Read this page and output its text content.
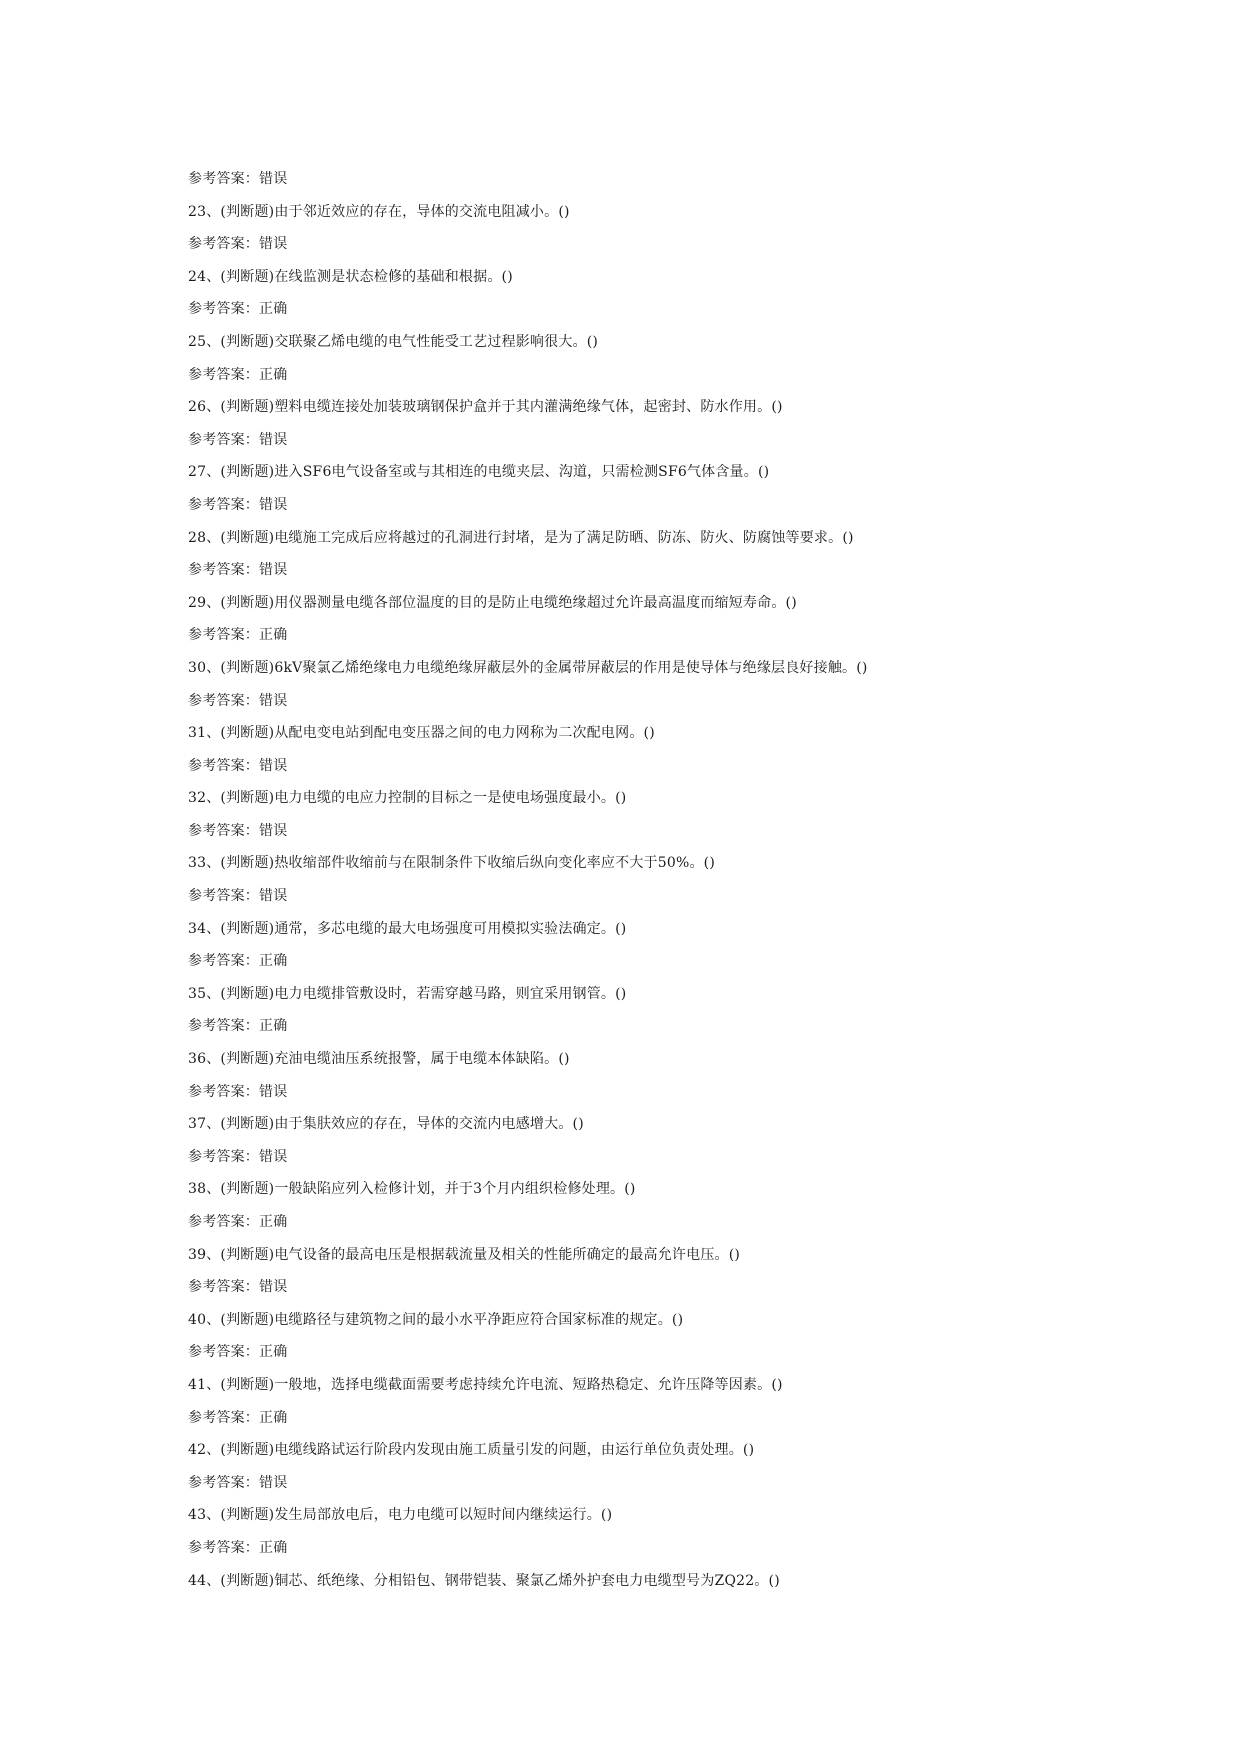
参考答案：错误
23、(判断题)由于邻近效应的存在，导体的交流电阻减小。()
参考答案：错误
24、(判断题)在线监测是状态检修的基础和根据。()
参考答案：正确
25、(判断题)交联聚乙烯电缆的电气性能受工艺过程影响很大。()
参考答案：正确
26、(判断题)塑料电缆连接处加装玻璃钢保护盒并于其内灌满绝缘气体，起密封、防水作用。()
参考答案：错误
27、(判断题)进入SF6电气设备室或与其相连的电缆夹层、沟道，只需检测SF6气体含量。()
参考答案：错误
28、(判断题)电缆施工完成后应将越过的孔洞进行封堵，是为了满足防晒、防冻、防火、防腐蚀等要求。()
参考答案：错误
29、(判断题)用仪器测量电缆各部位温度的目的是防止电缆绝缘超过允许最高温度而缩短寿命。()
参考答案：正确
30、(判断题)6kV聚氯乙烯绝缘电力电缆绝缘屏蔽层外的金属带屏蔽层的作用是使导体与绝缘层良好接触。()
参考答案：错误
31、(判断题)从配电变电站到配电变压器之间的电力网称为二次配电网。()
参考答案：错误
32、(判断题)电力电缆的电应力控制的目标之一是使电场强度最小。()
参考答案：错误
33、(判断题)热收缩部件收缩前与在限制条件下收缩后纵向变化率应不大于50%。()
参考答案：错误
34、(判断题)通常，多芯电缆的最大电场强度可用模拟实验法确定。()
参考答案：正确
35、(判断题)电力电缆排管敷设时，若需穿越马路，则宜采用钢管。()
参考答案：正确
36、(判断题)充油电缆油压系统报警，属于电缆本体缺陷。()
参考答案：错误
37、(判断题)由于集肤效应的存在，导体的交流内电感增大。()
参考答案：错误
38、(判断题)一般缺陷应列入检修计划，并于3个月内组织检修处理。()
参考答案：正确
39、(判断题)电气设备的最高电压是根据载流量及相关的性能所确定的最高允许电压。()
参考答案：错误
40、(判断题)电缆路径与建筑物之间的最小水平净距应符合国家标准的规定。()
参考答案：正确
41、(判断题)一般地，选择电缆截面需要考虑持续允许电流、短路热稳定、允许压降等因素。()
参考答案：正确
42、(判断题)电缆线路试运行阶段内发现由施工质量引发的问题，由运行单位负责处理。()
参考答案：错误
43、(判断题)发生局部放电后，电力电缆可以短时间内继续运行。()
参考答案：正确
44、(判断题)铜芯、纸绝缘、分相铅包、钢带铠装、聚氯乙烯外护套电力电缆型号为ZQ22。()
